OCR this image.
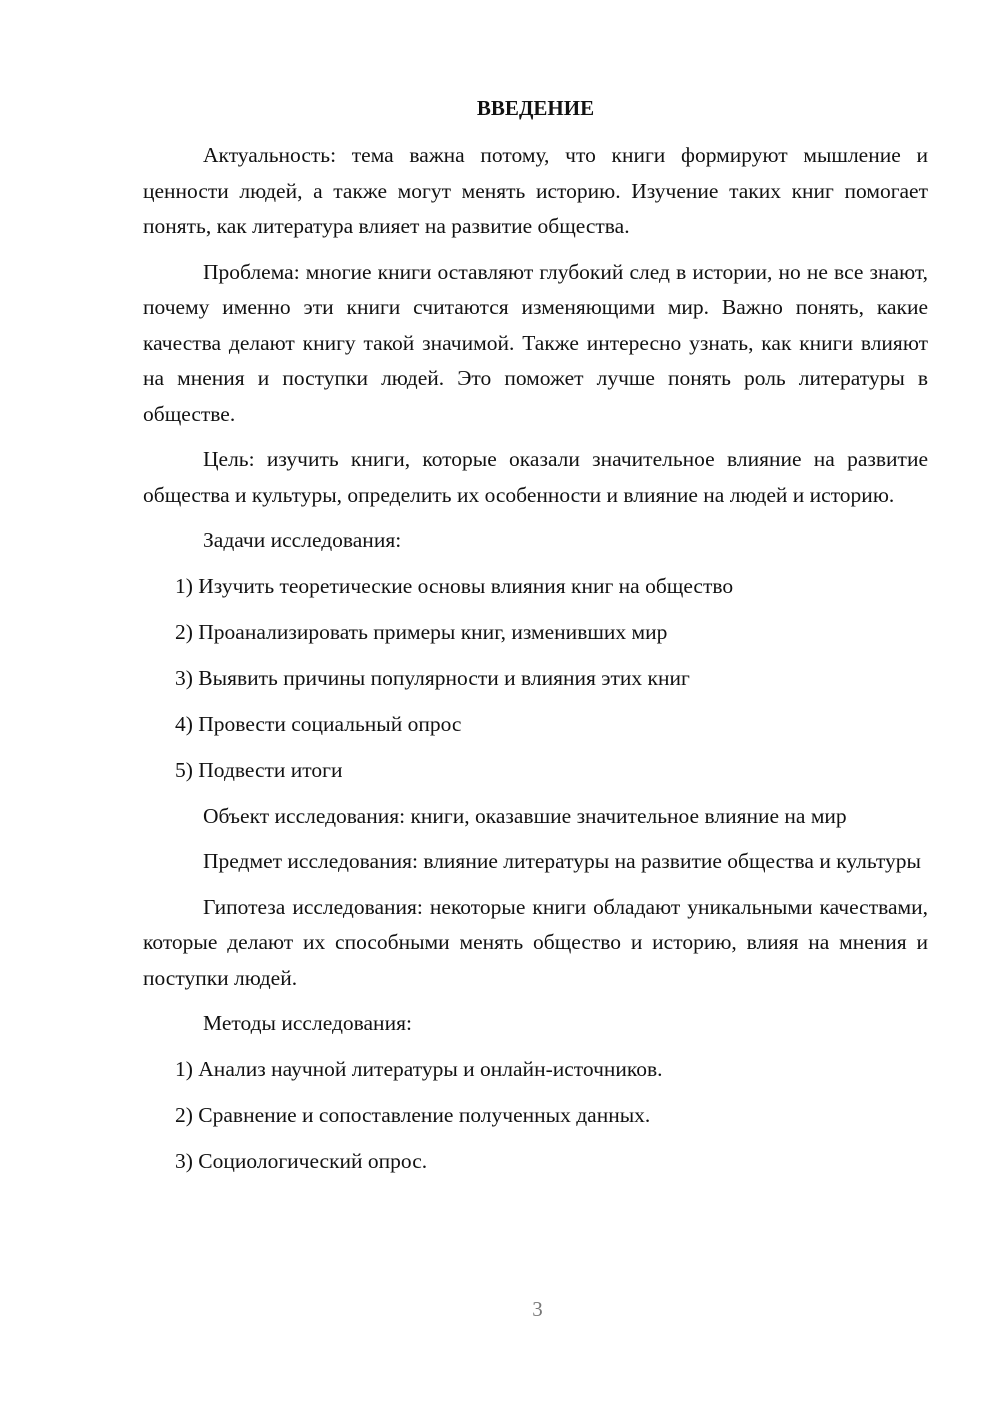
ВВЕДЕНИЕ

Актуальность: тема важна потому, что книги формируют мышление и ценности людей, а также могут менять историю. Изучение таких книг помогает понять, как литература влияет на развитие общества.

Проблема: многие книги оставляют глубокий след в истории, но не все знают, почему именно эти книги считаются изменяющими мир. Важно понять, какие качества делают книгу такой значимой. Также интересно узнать, как книги влияют на мнения и поступки людей. Это поможет лучше понять роль литературы в обществе.

Цель: изучить книги, которые оказали значительное влияние на развитие общества и культуры, определить их особенности и влияние на людей и историю.

Задачи исследования:

1) Изучить теоретические основы влияния книг на общество
2) Проанализировать примеры книг, изменивших мир
3) Выявить причины популярности и влияния этих книг
4) Провести социальный опрос
5) Подвести итоги

Объект исследования: книги, оказавшие значительное влияние на мир

Предмет исследования: влияние литературы на развитие общества и культуры

Гипотеза исследования: некоторые книги обладают уникальными качествами, которые делают их способными менять общество и историю, влияя на мнения и поступки людей.

Методы исследования:

1) Анализ научной литературы и онлайн-источников.
2) Сравнение и сопоставление полученных данных.
3) Социологический опрос.
3
